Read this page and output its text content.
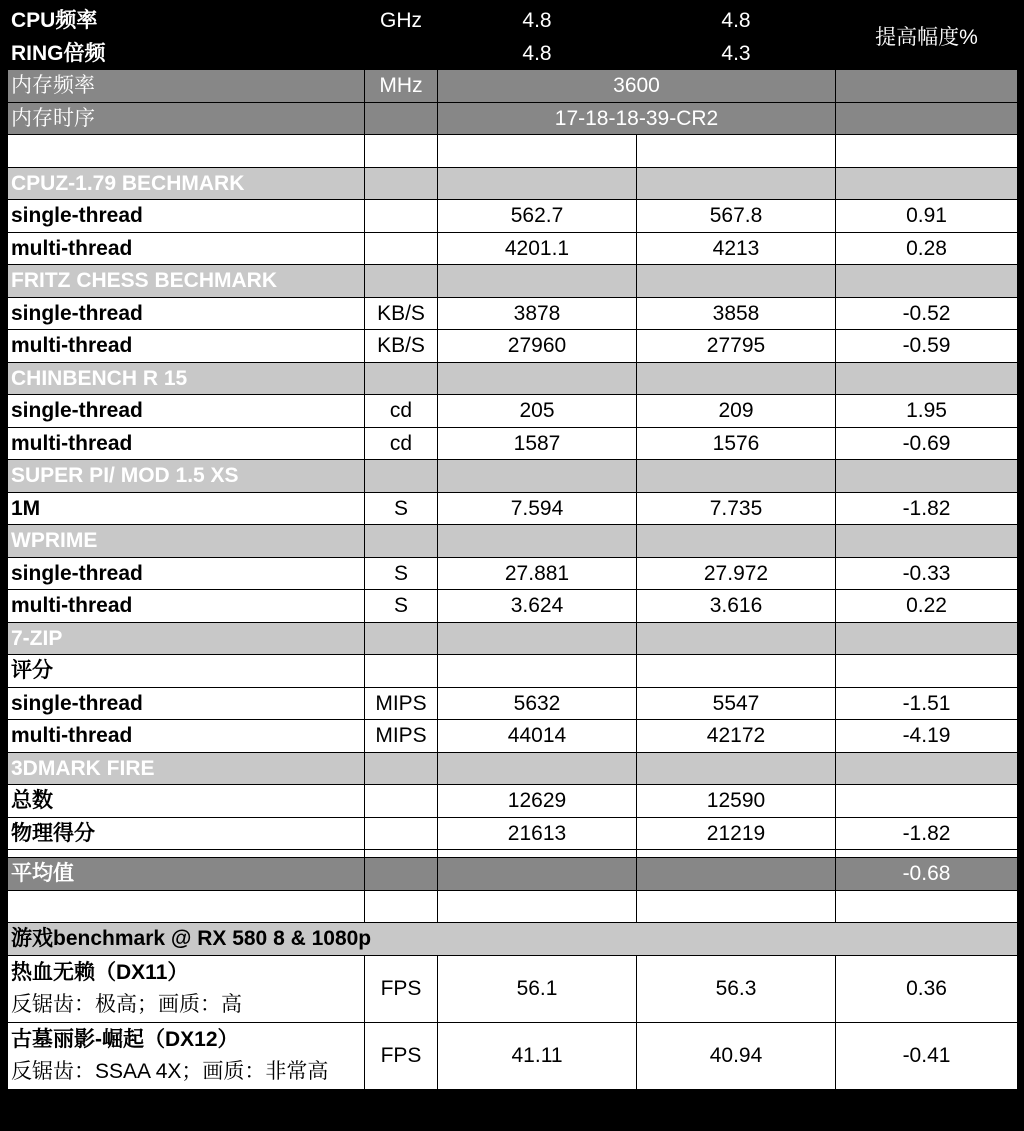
CPU频率	GHz	4.8	4.8	提高幅度%
RING倍频		4.8	4.3	
内存频率	MHz	3600		
内存时序		17-18-18-39-CR2		

CPUZ-1.79 BECHMARK				
single-thread		562.7	567.8	0.91
multi-thread		4201.1	4213	0.28
FRITZ CHESS BECHMARK				
single-thread	KB/S	3878	3858	-0.52
multi-thread	KB/S	27960	27795	-0.59
CHINBENCH R 15				
single-thread	cd	205	209	1.95
multi-thread	cd	1587	1576	-0.69
SUPER PI/ MOD 1.5 XS				
1M	S	7.594	7.735	-1.82
WPRIME				
single-thread	S	27.881	27.972	-0.33
multi-thread	S	3.624	3.616	0.22
7-ZIP				
评分				
single-thread	MIPS	5632	5547	-1.51
multi-thread	MIPS	44014	42172	-4.19
3DMARK FIRE				
总数		12629	12590	
物理得分		21613	21219	-1.82

平均值				-0.68

游戏benchmark @ RX 580 8 & 1080p				

热血无赖（DX11）
反锯齿：极高；画质：高	FPS	56.1	56.3	0.36

古墓丽影-崛起（DX12）
反锯齿：SSAA 4X；画质：非常高	FPS	41.11	40.94	-0.41
